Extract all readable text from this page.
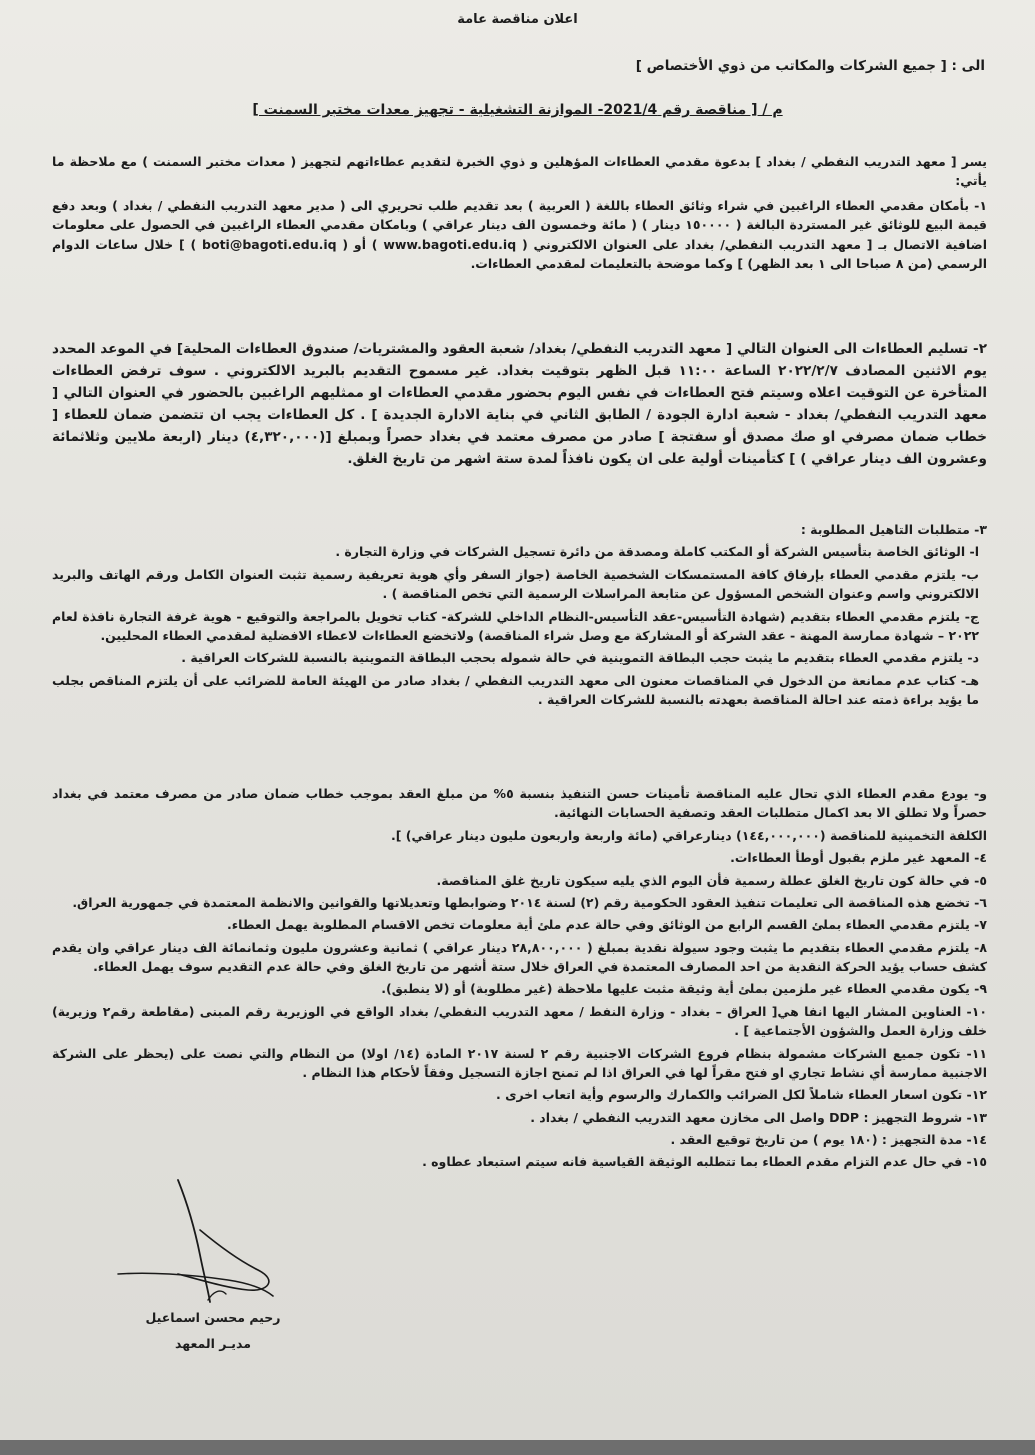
اعلان مناقصة عامة
الى : [ جميع الشركات والمكاتب من ذوي الأختصاص ]
م / [ مناقصة رقم 2021/4- الموازنة التشغيلية - تجهيز معدات مختبر السمنت ]

يسر [ معهد التدريب النفطي / بغداد ] بدعوة مقدمي العطاءات المؤهلين و ذوي الخبرة لتقديم عطاءاتهم لتجهيز ( معدات مختبر السمنت ) مع ملاحظة ما يأتي:

١- بأمكان مقدمي العطاء الراغبين في شراء وثائق العطاء باللغة ( العربية ) بعد تقديم طلب تحريري الى ( مدير معهد التدريب النفطي / بغداد ) وبعد دفع قيمة البيع للوثائق غير المستردة البالغة ( ١٥٠٠٠٠ دينار ) ( مائة وخمسون الف دينار عراقي ) وبامكان مقدمي العطاء الراغبين في الحصول على معلومات اضافية الاتصال بـ [ معهد التدريب النفطي/ بغداد على العنوان الالكتروني ( www.bagoti.edu.iq ) أو ( boti@bagoti.edu.iq ) ] خلال ساعات الدوام الرسمي (من ٨ صباحا الى ١ بعد الظهر) ] وكما موضحة بالتعليمات لمقدمي العطاءات.

٢- تسليم العطاءات الى العنوان التالي [ معهد التدريب النفطي/ بغداد/ شعبة العقود والمشتريات/ صندوق العطاءات المحلية] في الموعد المحدد يوم الاثنين المصادف ٢٠٢٢/٢/٧ الساعة ١١:٠٠ قبل الظهر بتوقيت بغداد. غير مسموح التقديم بالبريد الالكتروني . سوف ترفض العطاءات المتأخرة عن التوقيت اعلاه وسيتم فتح العطاءات في نفس اليوم بحضور مقدمي العطاءات او ممثليهم الراغبين بالحضور في العنوان التالي [ معهد التدريب النفطي/ بغداد - شعبة ادارة الجودة / الطابق الثاني في بناية الادارة الجديدة ] . كل العطاءات يجب ان تتضمن ضمان للعطاء [ خطاب ضمان مصرفي او صك مصدق أو سفتجة ] صادر من مصرف معتمد في بغداد حصراً وبمبلغ [(٤,٣٢٠,٠٠٠) دينار (اربعة ملايين وثلاثمائة وعشرون الف دينار عراقي ) ] كتأمينات أولية على ان يكون نافذاً لمدة ستة اشهر من تاريخ الغلق.

٣- متطلبات التاهيل المطلوبة :

ا- الوثائق الخاصة بتأسيس الشركة أو المكتب كاملة ومصدقة من دائرة تسجيل الشركات في وزارة التجارة .

ب- يلتزم مقدمي العطاء بإرفاق كافة المستمسكات الشخصية الخاصة (جواز السفر وأي هوية تعريفية رسمية تثبت العنوان الكامل ورقم الهاتف والبريد الالكتروني واسم وعنوان الشخص المسؤول عن متابعة المراسلات الرسمية التي تخص المناقصة ) .

ج- يلتزم مقدمي العطاء بتقديم (شهادة التأسيس-عقد التأسيس-النظام الداخلي للشركة- كتاب تخويل بالمراجعة والتوقيع - هوية غرفة التجارة نافذة لعام ٢٠٢٢ – شهادة ممارسة المهنة - عقد الشركة أو المشاركة مع وصل شراء المناقصة) ولاتخضع العطاءات لاعطاء الافضلية لمقدمي العطاء المحليين.

د- يلتزم مقدمي العطاء بتقديم ما يثبت حجب البطاقة التموينية في حالة شموله بحجب البطاقة التموينية بالنسبة للشركات العراقية .

هـ- كتاب عدم ممانعة من الدخول في المناقصات معنون الى معهد التدريب النفطي / بغداد صادر من الهيئة العامة للضرائب على أن يلتزم المناقص بجلب ما يؤيد براءة ذمته عند احالة المناقصة بعهدته بالنسبة للشركات العراقية .

و- يودع مقدم العطاء الذي تحال عليه المناقصة تأمينات حسن التنفيذ بنسبة ٥% من مبلغ العقد بموجب خطاب ضمان صادر من مصرف معتمد في بغداد حصراً ولا تطلق الا بعد اكمال متطلبات العقد وتصفية الحسابات النهائية.

الكلفة التخمينية للمناقصة (١٤٤,٠٠٠,٠٠٠) دينارعراقي (مائة واربعة واربعون مليون دينار عراقي) ].

٤- المعهد غير ملزم بقبول أوطأ العطاءات.

٥- في حالة كون تاريخ الغلق عطلة رسمية فأن اليوم الذي يليه سيكون تاريخ غلق المناقصة.

٦- تخضع هذه المناقصة الى تعليمات تنفيذ العقود الحكومية رقم (٢) لسنة ٢٠١٤ وضوابطها وتعديلاتها والقوانين والانظمة المعتمدة في جمهورية العراق.

٧- يلتزم مقدمي العطاء بملئ القسم الرابع من الوثائق وفي حالة عدم ملئ أية معلومات تخص الاقسام المطلوبة يهمل العطاء.

٨- يلتزم مقدمي العطاء بتقديم ما يثبت وجود سيولة نقدية بمبلغ ( ٢٨,٨٠٠,٠٠٠ دينار عراقي ) ثمانية وعشرون مليون وثمانمائة الف دينار عراقي وان يقدم كشف حساب يؤيد الحركة النقدية من احد المصارف المعتمدة في العراق خلال ستة أشهر من تاريخ الغلق وفي حالة عدم التقديم سوف يهمل العطاء.

٩- يكون مقدمي العطاء غير ملزمين بملئ أية وثيقة مثبت عليها ملاحظة (غير مطلوبة) أو (لا ينطبق).

١٠- العناوين المشار اليها انفا هي[ العراق – بغداد - وزارة النفط / معهد التدريب النفطي/ بغداد الواقع في الوزيرية رقم المبنى (مقاطعة رقم٢ وزيرية) خلف وزارة العمل والشؤون الأجتماعية ] .

١١- تكون جميع الشركات مشمولة بنظام فروع الشركات الاجنبية رقم ٢ لسنة ٢٠١٧ المادة (١٤/ اولا) من النظام والتي نصت على (يحظر على الشركة الاجنبية ممارسة أي نشاط تجاري او فتح مقراً لها في العراق اذا لم تمنح اجازة التسجيل وفقاً لأحكام هذا النظام .

١٢- تكون اسعار العطاء شاملاً لكل الضرائب والكمارك والرسوم وأية اتعاب اخرى .

١٣- شروط التجهيز : DDP واصل الى مخازن معهد التدريب النفطي / بغداد .

١٤- مدة التجهيز : (١٨٠ يوم ) من تاريخ توقيع العقد .

١٥- في حال عدم التزام مقدم العطاء بما تتطلبه الوثيقة القياسية فانه سيتم استبعاد عطاوه .

رحيم محسن اسماعيل
مديـر المعهد
